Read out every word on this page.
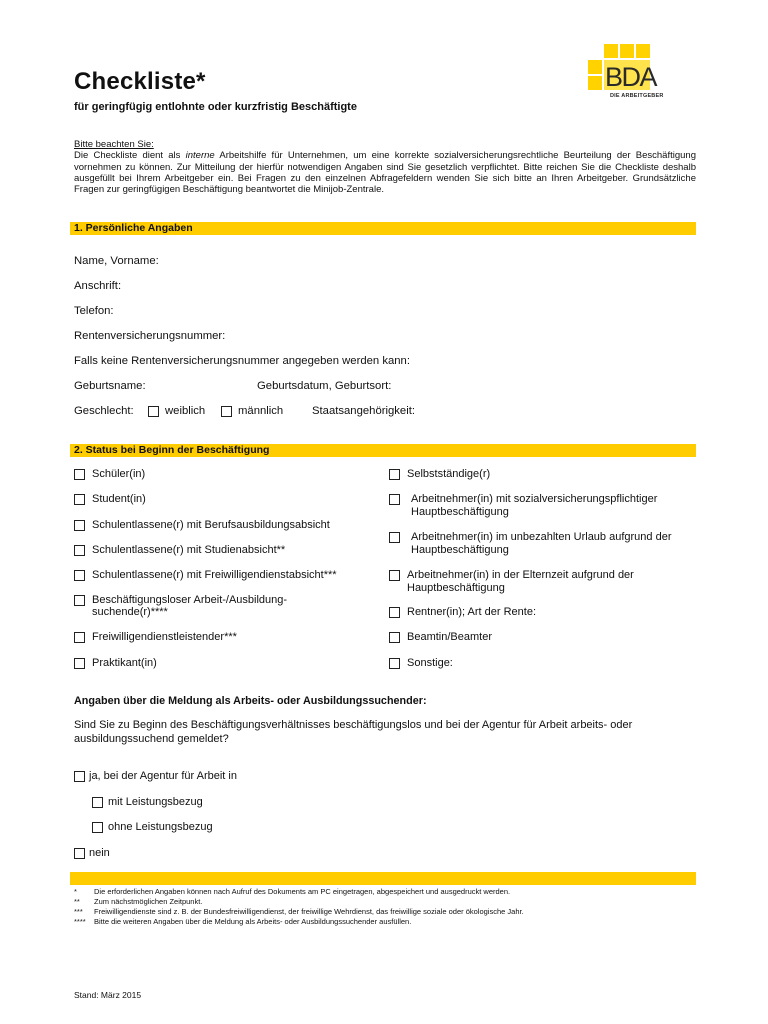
Checkliste*
für geringfügig entlohnte oder kurzfristig Beschäftigte
BDA
DIE ARBEITGEBER
Bitte beachten Sie:
Die Checkliste dient als interne Arbeitshilfe für Unternehmen, um eine korrekte sozialversicherungsrechtliche Beurteilung der Beschäftigung vornehmen zu können. Zur Mitteilung der hierfür notwendigen Angaben sind Sie gesetzlich verpflichtet. Bitte reichen Sie die Checkliste deshalb ausgefüllt bei Ihrem Arbeitgeber ein. Bei Fragen zu den einzelnen Abfragefeldern wenden Sie sich bitte an Ihren Arbeitgeber. Grundsätzliche Fragen zur geringfügigen Beschäftigung beantwortet die Minijob-Zentrale.
1. Persönliche Angaben
Name, Vorname:
Anschrift:
Telefon:
Rentenversicherungsnummer:
Falls keine Rentenversicherungsnummer angegeben werden kann:
Geburtsname:	Geburtsdatum, Geburtsort:
Geschlecht:	weiblich	männlich	Staatsangehörigkeit:
2. Status bei Beginn der Beschäftigung
Schüler(in)
Student(in)
Schulentlassene(r) mit Berufsausbildungsabsicht
Schulentlassene(r) mit Studienabsicht**
Schulentlassene(r) mit Freiwilligendienstabsicht***
Beschäftigungsloser Arbeit-/Ausbildung-
suchende(r)****
Freiwilligendienstleistender***
Praktikant(in)
Selbstständige(r)
Arbeitnehmer(in) mit sozialversicherungspflichtiger
Hauptbeschäftigung
Arbeitnehmer(in) im unbezahlten Urlaub aufgrund der
Hauptbeschäftigung
Arbeitnehmer(in) in der Elternzeit aufgrund der
Hauptbeschäftigung
Rentner(in); Art der Rente:
Beamtin/Beamter
Sonstige:
Angaben über die Meldung als Arbeits- oder Ausbildungssuchender:
Sind Sie zu Beginn des Beschäftigungsverhältnisses beschäftigungslos und bei der Agentur für Arbeit arbeits- oder
ausbildungssuchend gemeldet?
ja, bei der Agentur für Arbeit in
mit Leistungsbezug
ohne Leistungsbezug
nein
* Die erforderlichen Angaben können nach Aufruf des Dokuments am PC eingetragen, abgespeichert und ausgedruckt werden.
** Zum nächstmöglichen Zeitpunkt.
*** Freiwilligendienste sind z. B. der Bundesfreiwilligendienst, der freiwillige Wehrdienst, das freiwillige soziale oder ökologische Jahr.
**** Bitte die weiteren Angaben über die Meldung als Arbeits- oder Ausbildungssuchender ausfüllen.
Stand: März 2015
